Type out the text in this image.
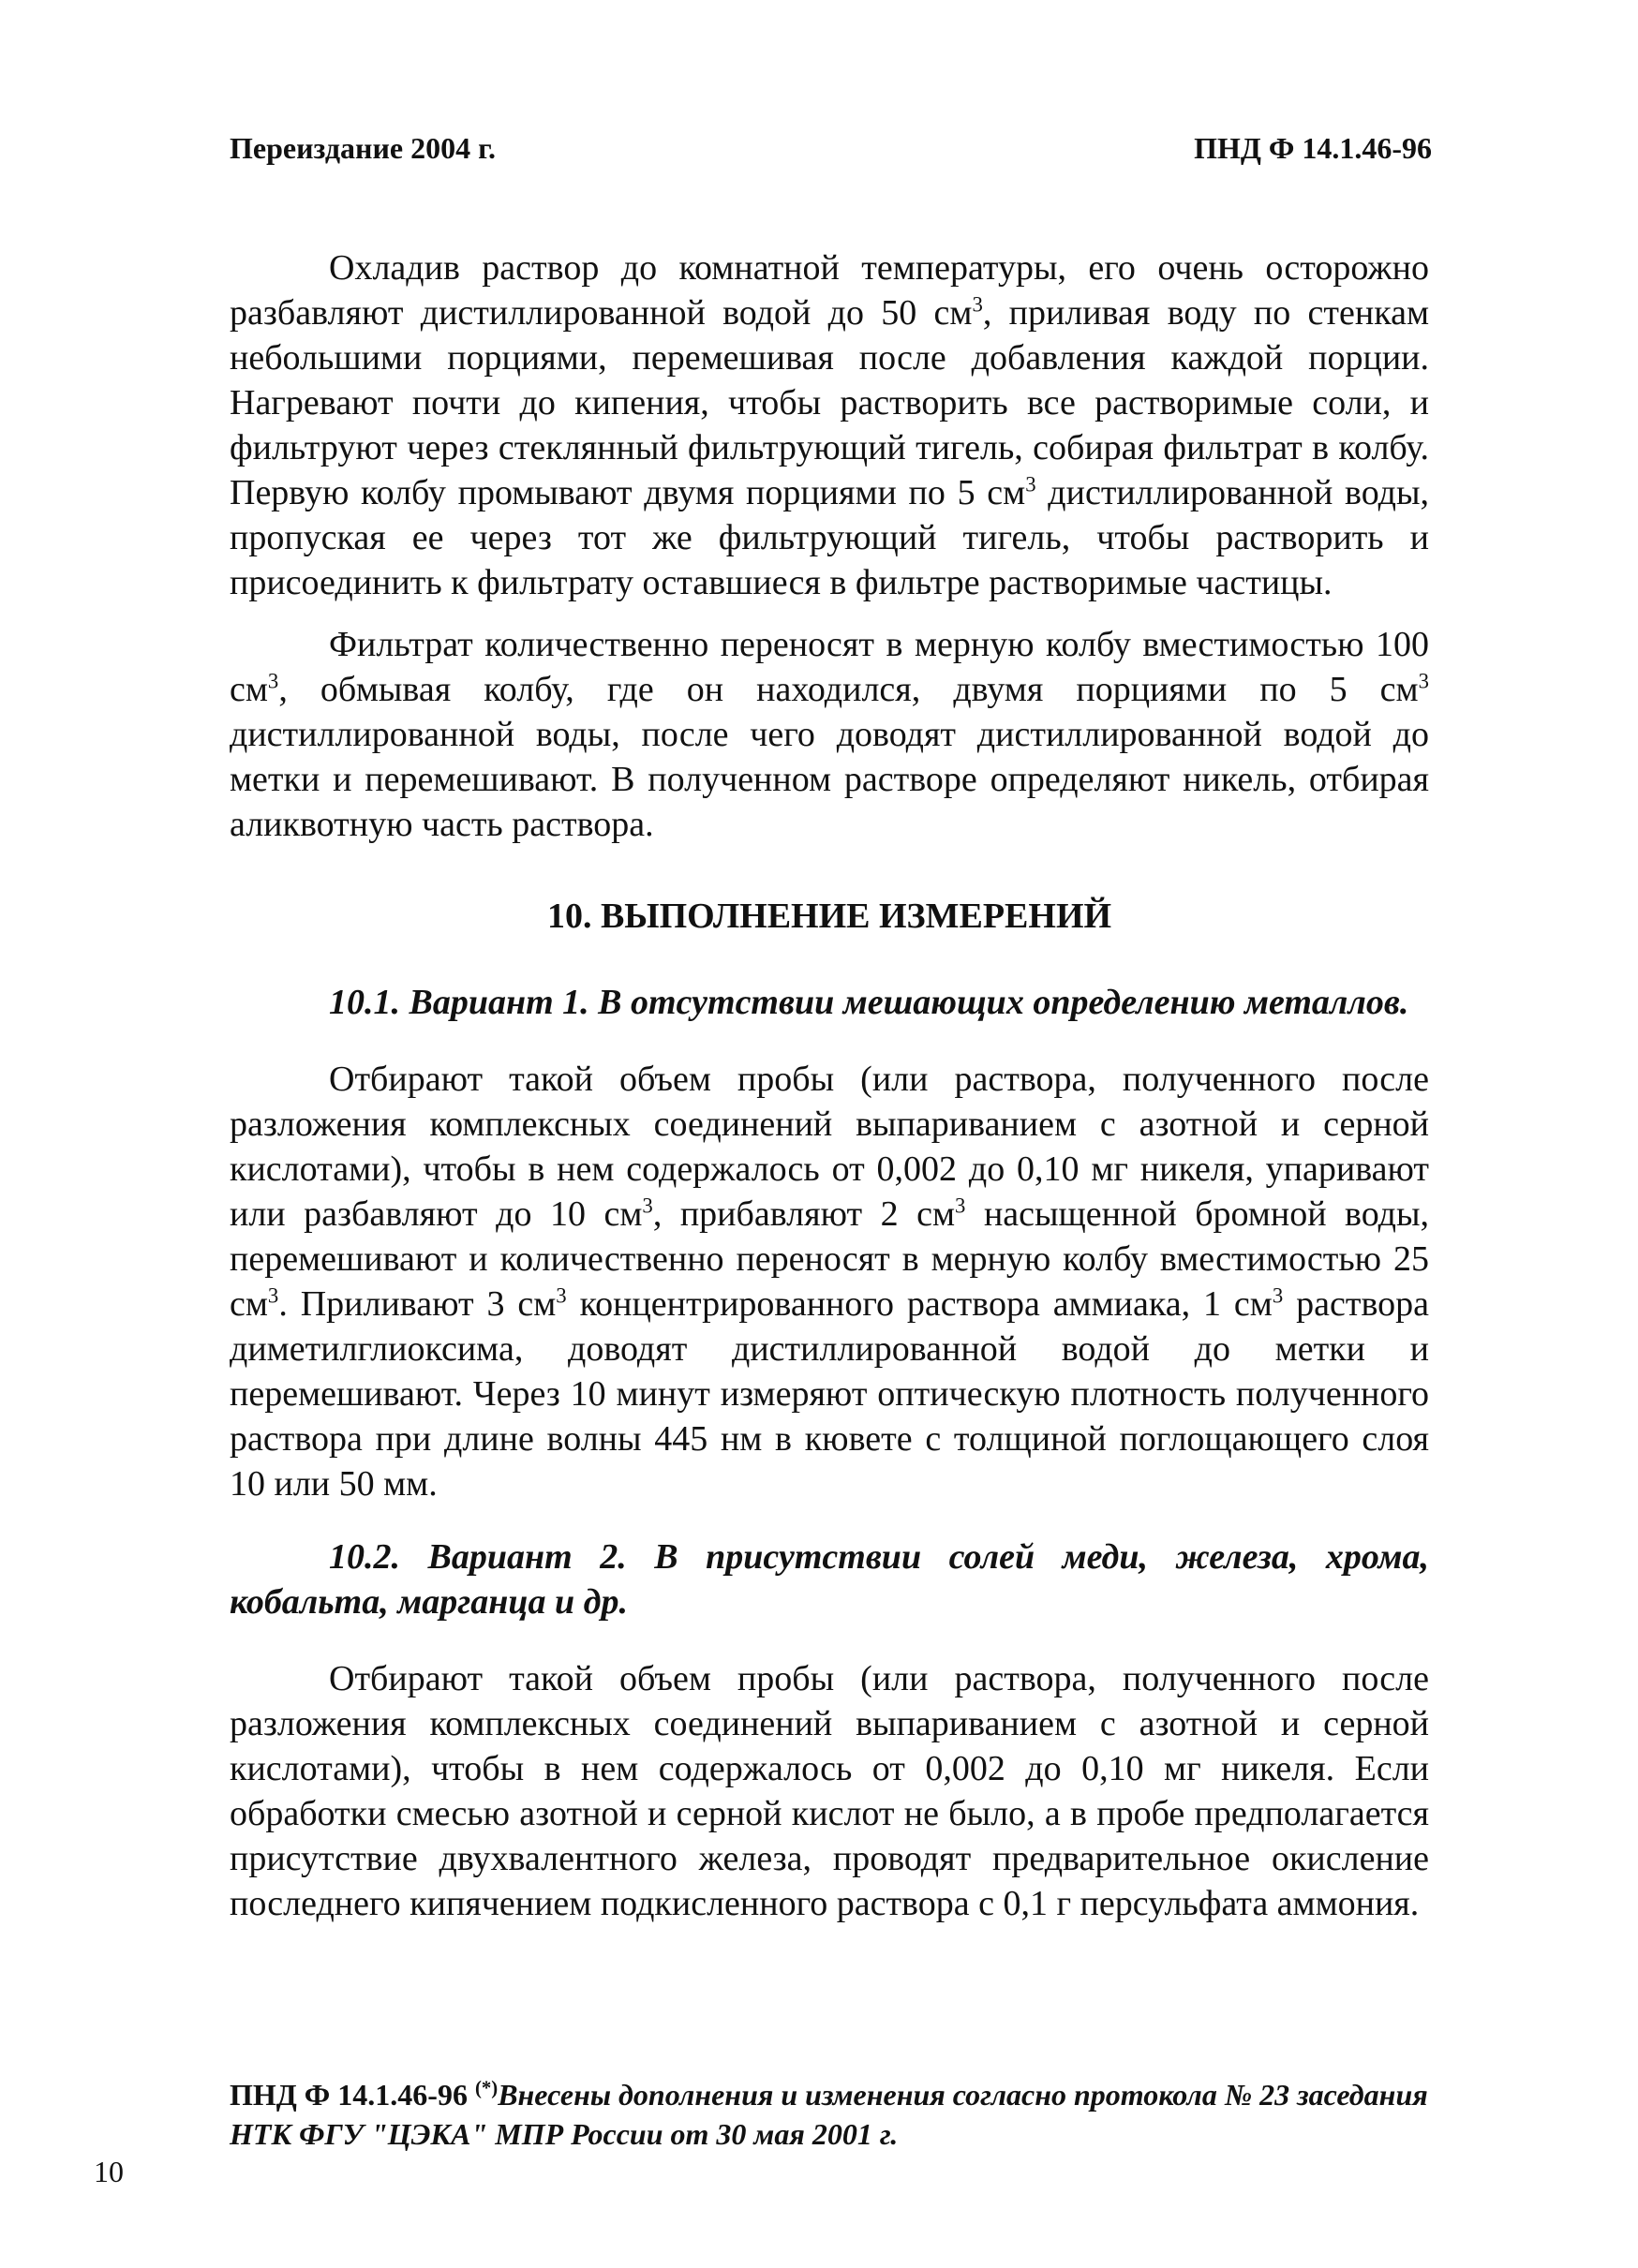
Переиздание 2004 г.	ПНД Ф 14.1.46-96

Охладив раствор до комнатной температуры, его очень осторожно разбавляют дистиллированной водой до 50 $см^3$, приливая воду по стенкам небольшими порциями, перемешивая после добавления каждой порции. Нагревают почти до кипения, чтобы растворить все растворимые соли, и фильтруют через стеклянный фильтрующий тигель, собирая фильтрат в колбу. Первую колбу промывают двумя порциями по 5 $см^3$ дистиллированной воды, пропуская ее через тот же фильтрующий тигель, чтобы растворить и присоединить к фильтрату оставшиеся в фильтре растворимые частицы.

Фильтрат количественно переносят в мерную колбу вместимостью 100 $см^3$, обмывая колбу, где он находился, двумя порциями по 5 $см^3$ дистиллированной воды, после чего доводят дистиллированной водой до метки и перемешивают. В полученном растворе определяют никель, отбирая аликвотную часть раствора.

10. ВЫПОЛНЕНИЕ ИЗМЕРЕНИЙ

10.1. Вариант 1. В отсутствии мешающих определению металлов.

Отбирают такой объем пробы (или раствора, полученного после разложения комплексных соединений выпариванием с азотной и серной кислотами), чтобы в нем содержалось от 0,002 до 0,10 мг никеля, упаривают или разбавляют до 10 $см^3$, прибавляют 2 $см^3$ насыщенной бромной воды, перемешивают и количественно переносят в мерную колбу вместимостью 25 $см^3$. Приливают 3 $см^3$ концентрированного раствора аммиака, 1 $см^3$ раствора диметилглиоксима, доводят дистиллированной водой до метки и перемешивают. Через 10 минут измеряют оптическую плотность полученного раствора при длине волны 445 нм в кювете с толщиной поглощающего слоя 10 или 50 мм.

10.2. Вариант 2. В присутствии солей меди, железа, хрома, кобальта, марганца и др.

Отбирают такой объем пробы (или раствора, полученного после разложения комплексных соединений выпариванием с азотной и серной кислотами), чтобы в нем содержалось от 0,002 до 0,10 мг никеля. Если обработки смесью азотной и серной кислот не было, а в пробе предполагается присутствие двухвалентного железа, проводят предварительное окисление последнего кипячением подкисленного раствора с 0,1 г персульфата аммония.

ПНД Ф 14.1.46-96 (*)Внесены дополнения и изменения согласно протокола № 23 заседания НТК ФГУ "ЦЭКА" МПР России от 30 мая 2001 г.
10
